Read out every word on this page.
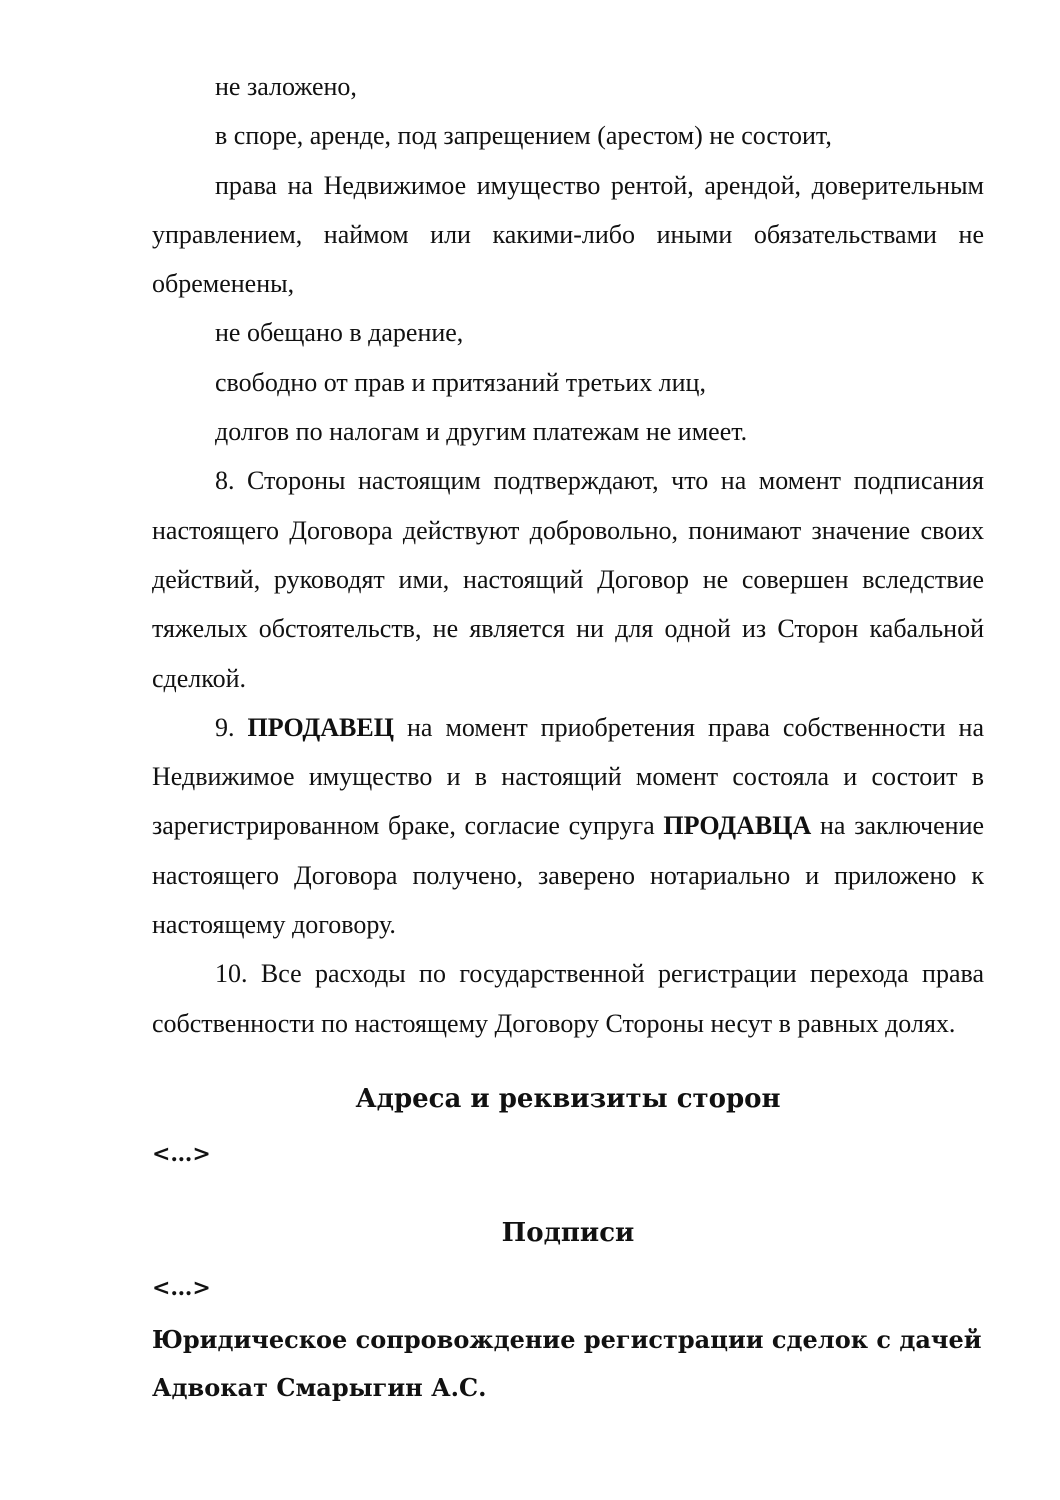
не заложено,

в споре, аренде, под запрещением (арестом) не состоит,

права на Недвижимое имущество рентой, арендой, доверительным управлением, наймом или какими-либо иными обязательствами не обременены,

не обещано в дарение,

свободно от прав и притязаний третьих лиц,

долгов по налогам и другим платежам не имеет.

8. Стороны настоящим подтверждают, что на момент подписания настоящего Договора действуют добровольно, понимают значение своих действий, руководят ими, настоящий Договор не совершен вследствие тяжелых обстоятельств, не является ни для одной из Сторон кабальной сделкой.

9. ПРОДАВЕЦ на момент приобретения права собственности на Недвижимое имущество и в настоящий момент состояла и состоит в зарегистрированном браке, согласие супруга ПРОДАВЦА на заключение настоящего Договора получено, заверено нотариально и приложено к настоящему договору.

10. Все расходы по государственной регистрации перехода права собственности по настоящему Договору Стороны несут в равных долях.

Адреса и реквизиты сторон
<…>
Подписи
<…>
Юридическое сопровождение регистрации сделок с дачей
Адвокат Смарыгин А.С.
